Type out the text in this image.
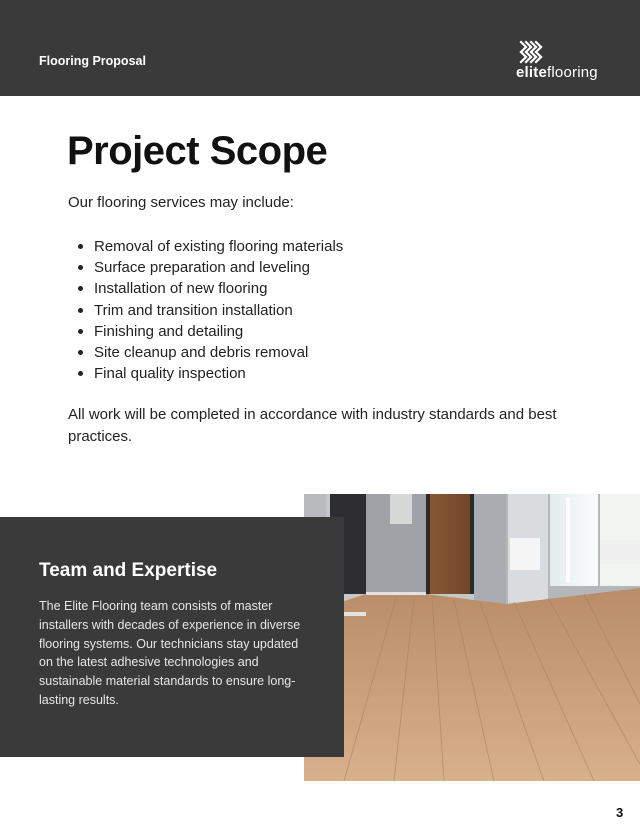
Flooring Proposal
eliteflooring
Project Scope

Our flooring services may include:

Removal of existing flooring materials
Surface preparation and leveling
Installation of new flooring
Trim and transition installation
Finishing and detailing
Site cleanup and debris removal
Final quality inspection

All work will be completed in accordance with industry standards and best practices.

Team and Expertise

The Elite Flooring team consists of master installers with decades of experience in diverse flooring systems. Our technicians stay updated on the latest adhesive technologies and sustainable material standards to ensure long-lasting results.

3
